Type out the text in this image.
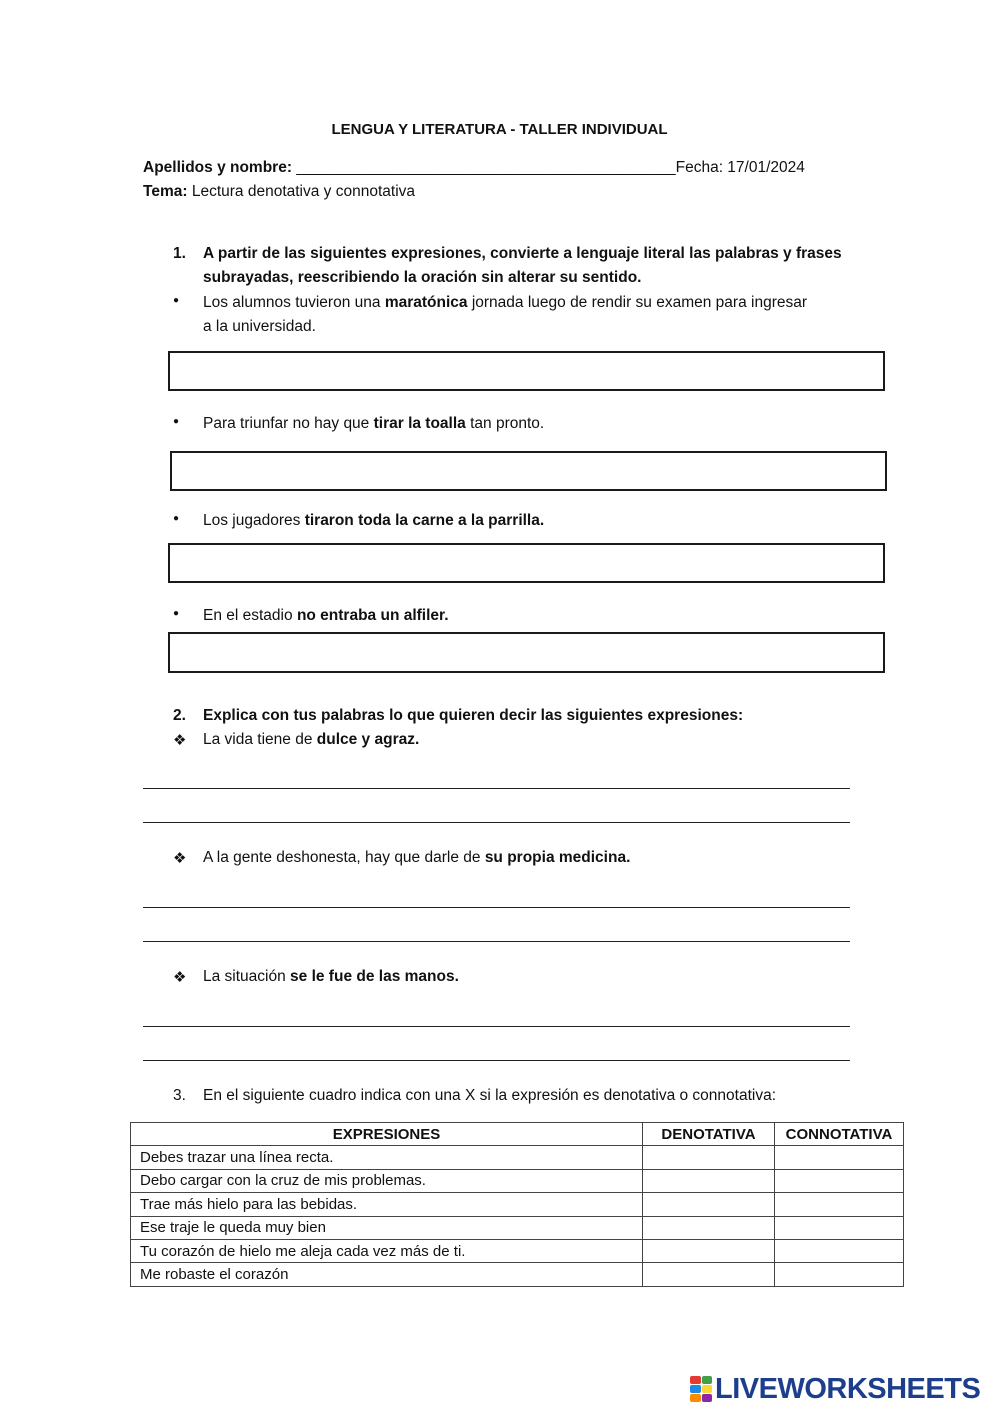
LENGUA Y LITERATURA - TALLER INDIVIDUAL
Apellidos y nombre: ____________________________________________Fecha: 17/01/2024
Tema: Lectura denotativa y connotativa
1. A partir de las siguientes expresiones, convierte a lenguaje literal las palabras y frases
subrayadas, reescribiendo la oración sin alterar su sentido.
● Los alumnos tuvieron una maratónica jornada luego de rendir su examen para ingresar
a la universidad.
● Para triunfar no hay que tirar la toalla tan pronto.
● Los jugadores tiraron toda la carne a la parrilla.
● En el estadio no entraba un alfiler.
2. Explica con tus palabras lo que quieren decir las siguientes expresiones:
❖ La vida tiene de dulce y agraz.
❖ A la gente deshonesta, hay que darle de su propia medicina.
❖ La situación se le fue de las manos.
3. En el siguiente cuadro indica con una X si la expresión es denotativa o connotativa:
EXPRESIONES	DENOTATIVA	CONNOTATIVA
Debes trazar una línea recta.		
Debo cargar con la cruz de mis problemas.		
Trae más hielo para las bebidas.		
Ese traje le queda muy bien		
Tu corazón de hielo me aleja cada vez más de ti.		
Me robaste el corazón		
LIVEWORKSHEETS
